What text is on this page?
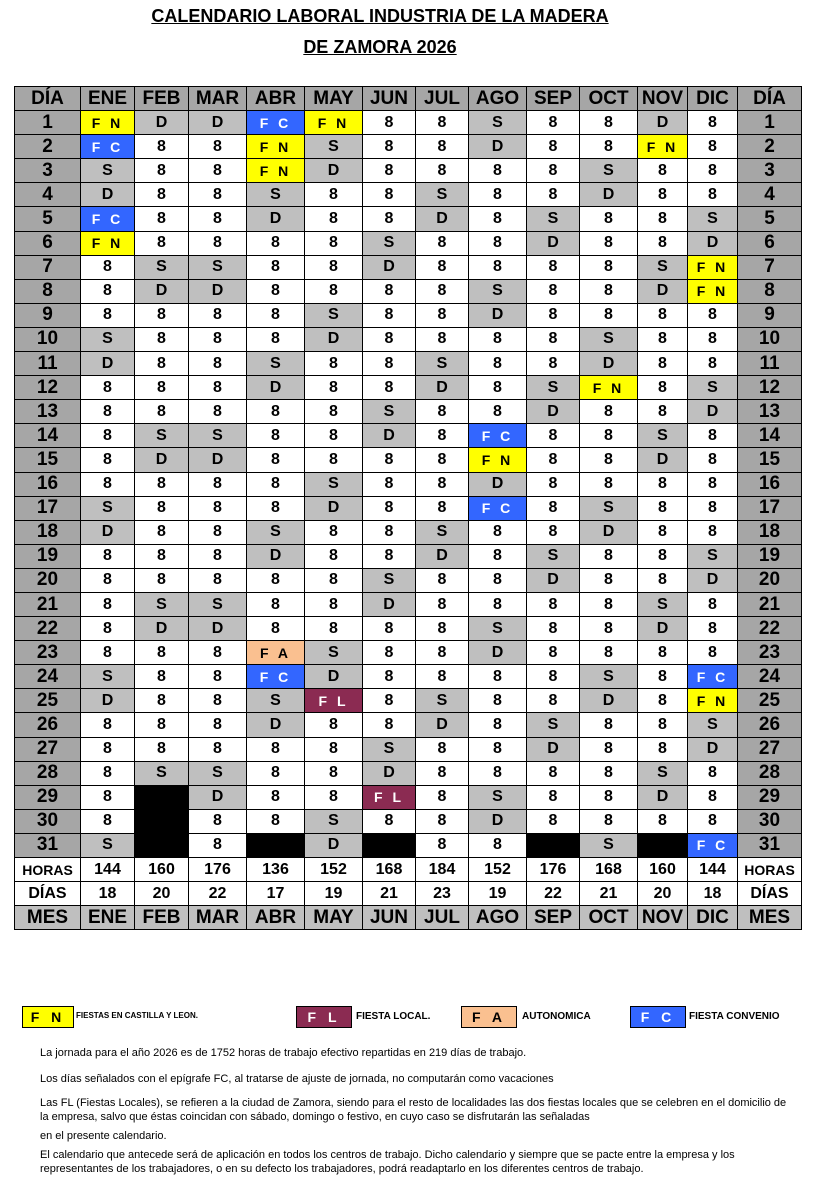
CALENDARIO LABORAL INDUSTRIA DE LA MADERA
DE ZAMORA 2026
DÍA	ENE	FEB	MAR	ABR	MAY	JUN	JUL	AGO	SEP	OCT	NOV	DIC	DÍA
1	F N	D	D	F C	F N	8	8	S	8	8	D	8	1
2	F C	8	8	F N	S	8	8	D	8	8	F N	8	2
3	S	8	8	F N	D	8	8	8	8	S	8	8	3
4	D	8	8	S	8	8	S	8	8	D	8	8	4
5	F C	8	8	D	8	8	D	8	S	8	8	S	5
6	F N	8	8	8	8	S	8	8	D	8	8	D	6
7	8	S	S	8	8	D	8	8	8	8	S	F N	7
8	8	D	D	8	8	8	8	S	8	8	D	F N	8
9	8	8	8	8	S	8	8	D	8	8	8	8	9
10	S	8	8	8	D	8	8	8	8	S	8	8	10
11	D	8	8	S	8	8	S	8	8	D	8	8	11
12	8	8	8	D	8	8	D	8	S	F N	8	S	12
13	8	8	8	8	8	S	8	8	D	8	8	D	13
14	8	S	S	8	8	D	8	F C	8	8	S	8	14
15	8	D	D	8	8	8	8	F N	8	8	D	8	15
16	8	8	8	8	S	8	8	D	8	8	8	8	16
17	S	8	8	8	D	8	8	F C	8	S	8	8	17
18	D	8	8	S	8	8	S	8	8	D	8	8	18
19	8	8	8	D	8	8	D	8	S	8	8	S	19
20	8	8	8	8	8	S	8	8	D	8	8	D	20
21	8	S	S	8	8	D	8	8	8	8	S	8	21
22	8	D	D	8	8	8	8	S	8	8	D	8	22
23	8	8	8	F A	S	8	8	D	8	8	8	8	23
24	S	8	8	F C	D	8	8	8	8	S	8	F C	24
25	D	8	8	S	F L	8	S	8	8	D	8	F N	25
26	8	8	8	D	8	8	D	8	S	8	8	S	26
27	8	8	8	8	8	S	8	8	D	8	8	D	27
28	8	S	S	8	8	D	8	8	8	8	S	8	28
29	8		D	8	8	F L	8	S	8	8	D	8	29
30	8		8	8	S	8	8	D	8	8	8	8	30
31	S		8		D		8	8		S		F C	31
HORAS	144	160	176	136	152	168	184	152	176	168	160	144	HORAS
DÍAS	18	20	22	17	19	21	23	19	22	21	20	18	DÍAS
MES	ENE	FEB	MAR	ABR	MAY	JUN	JUL	AGO	SEP	OCT	NOV	DIC	MES
F N	FIESTAS EN CASTILLA Y LEON.	F L	FIESTA LOCAL.	F A	AUTONOMICA	F C	FIESTA CONVENIO
La jornada para el año 2026 es de 1752 horas de trabajo efectivo repartidas en 219 días de trabajo.
Los días señalados con el epígrafe FC, al tratarse de ajuste de jornada, no computarán como vacaciones
Las FL (Fiestas Locales), se refieren a la ciudad de Zamora, siendo para el resto de localidades las dos fiestas locales que se celebren en el domicilio de la empresa, salvo que éstas coincidan con sábado, domingo o festivo, en cuyo caso se disfrutarán las señaladas
en el presente calendario.
El calendario que antecede será de aplicación en todos los centros de trabajo. Dicho calendario y siempre que se pacte entre la empresa y los representantes de los trabajadores, o en su defecto los trabajadores, podrá readaptarlo en los diferentes centros de trabajo.
